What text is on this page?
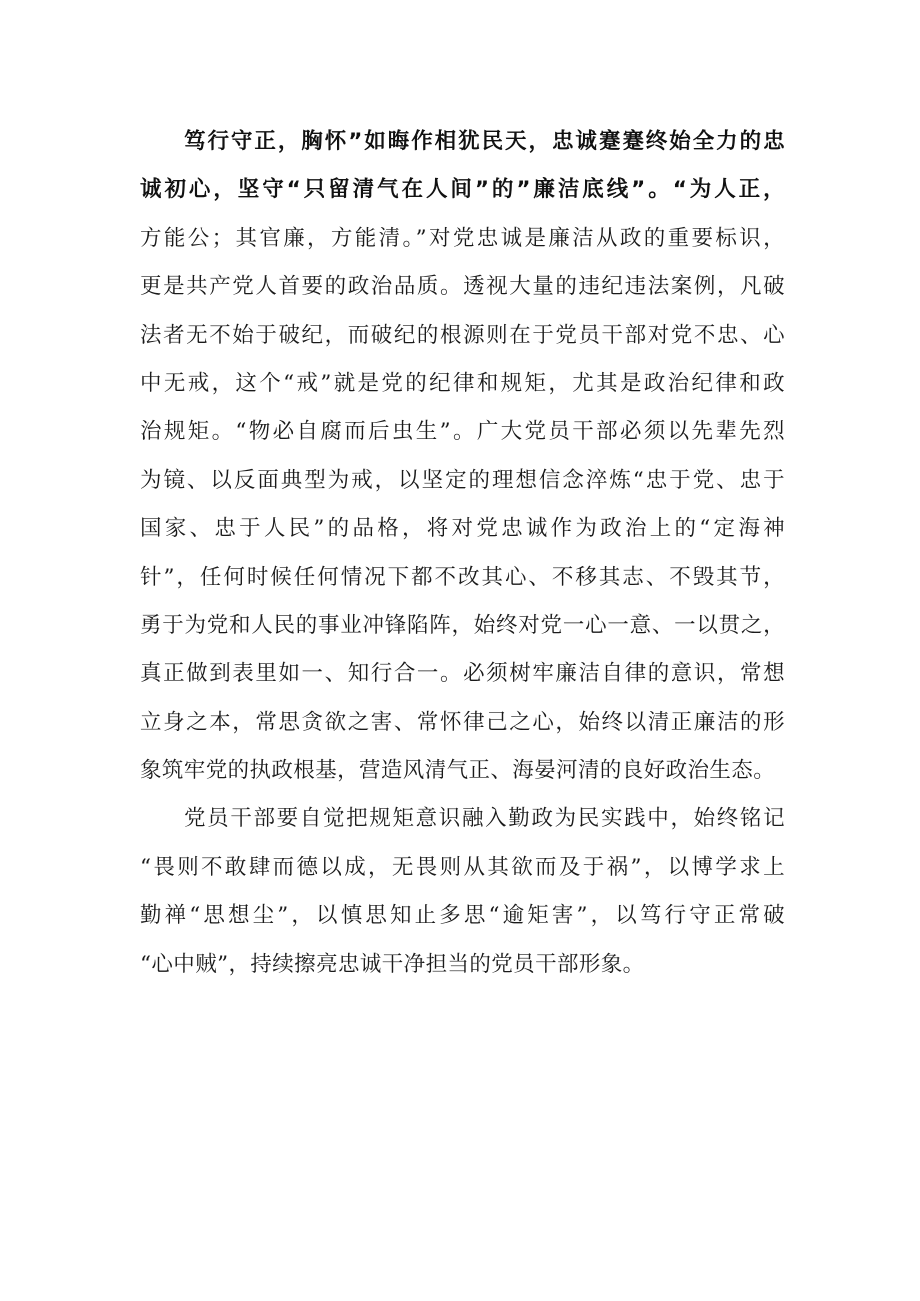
笃行守正，胸怀”如晦作相犹民天，忠诚蹇蹇终始全力的忠
诚初心，坚守“只留清气在人间”的”廉洁底线”。“为人正，
方能公；其官廉，方能清。”对党忠诚是廉洁从政的重要标识，
更是共产党人首要的政治品质。透视大量的违纪违法案例，凡破
法者无不始于破纪，而破纪的根源则在于党员干部对党不忠、心
中无戒，这个“戒”就是党的纪律和规矩，尤其是政治纪律和政
治规矩。“物必自腐而后虫生”。广大党员干部必须以先辈先烈
为镜、以反面典型为戒，以坚定的理想信念淬炼“忠于党、忠于
国家、忠于人民”的品格，将对党忠诚作为政治上的“定海神
针”，任何时候任何情况下都不改其心、不移其志、不毁其节，
勇于为党和人民的事业冲锋陷阵，始终对党一心一意、一以贯之，
真正做到表里如一、知行合一。必须树牢廉洁自律的意识，常想
立身之本，常思贪欲之害、常怀律己之心，始终以清正廉洁的形
象筑牢党的执政根基，营造风清气正、海晏河清的良好政治生态。
党员干部要自觉把规矩意识融入勤政为民实践中，始终铭记
“畏则不敢肆而德以成，无畏则从其欲而及于祸”，以博学求上
勤禅“思想尘”，以慎思知止多思“逾矩害”，以笃行守正常破
“心中贼”，持续擦亮忠诚干净担当的党员干部形象。
